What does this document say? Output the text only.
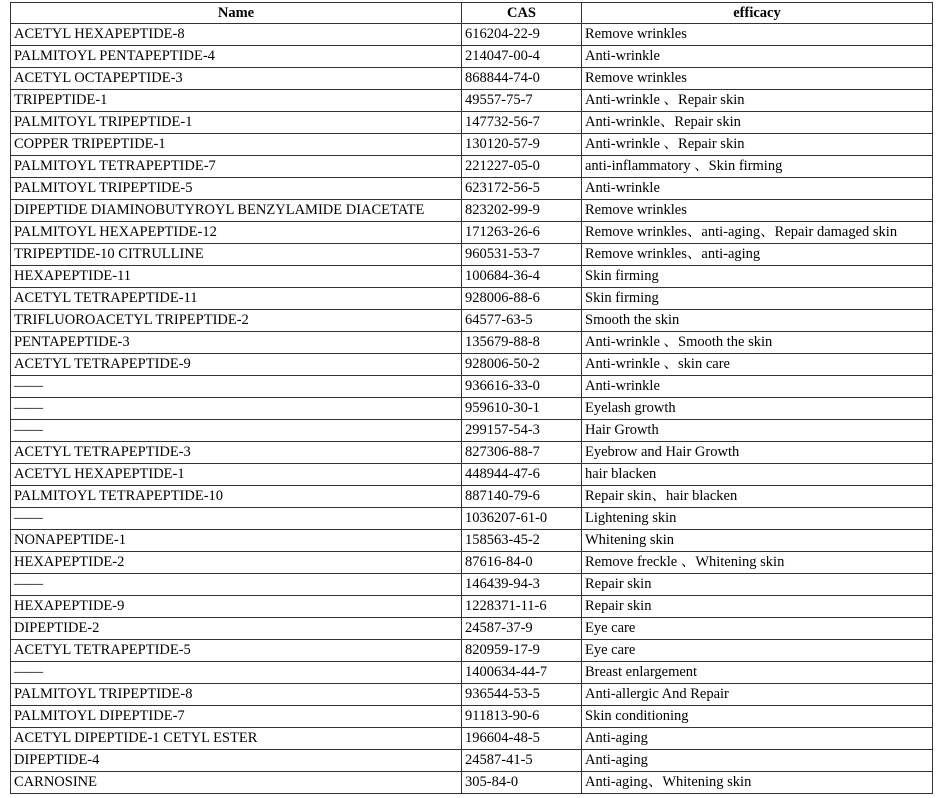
Name	CAS	efficacy
ACETYL HEXAPEPTIDE-8	616204-22-9	Remove wrinkles
PALMITOYL PENTAPEPTIDE-4	214047-00-4	Anti-wrinkle
ACETYL OCTAPEPTIDE-3	868844-74-0	Remove wrinkles
TRIPEPTIDE-1	49557-75-7	Anti-wrinkle 、Repair skin
PALMITOYL TRIPEPTIDE-1	147732-56-7	Anti-wrinkle、Repair skin
COPPER TRIPEPTIDE-1	130120-57-9	Anti-wrinkle 、Repair skin
PALMITOYL TETRAPEPTIDE-7	221227-05-0	anti-inflammatory 、Skin firming
PALMITOYL TRIPEPTIDE-5	623172-56-5	Anti-wrinkle
DIPEPTIDE DIAMINOBUTYROYL BENZYLAMIDE DIACETATE	823202-99-9	Remove wrinkles
PALMITOYL HEXAPEPTIDE-12	171263-26-6	Remove wrinkles、anti-aging、Repair damaged skin
TRIPEPTIDE-10 CITRULLINE	960531-53-7	Remove wrinkles、anti-aging
HEXAPEPTIDE-11	100684-36-4	Skin firming
ACETYL TETRAPEPTIDE-11	928006-88-6	Skin firming
TRIFLUOROACETYL TRIPEPTIDE-2	64577-63-5	Smooth the skin
PENTAPEPTIDE-3	135679-88-8	Anti-wrinkle 、Smooth the skin
ACETYL TETRAPEPTIDE-9	928006-50-2	Anti-wrinkle 、skin care
——	936616-33-0	Anti-wrinkle
——	959610-30-1	Eyelash growth
——	299157-54-3	Hair Growth
ACETYL TETRAPEPTIDE-3	827306-88-7	Eyebrow and Hair Growth
ACETYL HEXAPEPTIDE-1	448944-47-6	hair blacken
PALMITOYL TETRAPEPTIDE-10	887140-79-6	Repair skin、hair blacken
——	1036207-61-0	Lightening skin
NONAPEPTIDE-1	158563-45-2	Whitening skin
HEXAPEPTIDE-2	87616-84-0	Remove freckle 、Whitening skin
——	146439-94-3	Repair skin
HEXAPEPTIDE-9	1228371-11-6	Repair skin
DIPEPTIDE-2	24587-37-9	Eye care
ACETYL TETRAPEPTIDE-5	820959-17-9	Eye care
——	1400634-44-7	Breast enlargement
PALMITOYL TRIPEPTIDE-8	936544-53-5	Anti-allergic And Repair
PALMITOYL DIPEPTIDE-7	911813-90-6	Skin conditioning
ACETYL DIPEPTIDE-1 CETYL ESTER	196604-48-5	Anti-aging
DIPEPTIDE-4	24587-41-5	Anti-aging
CARNOSINE	305-84-0	Anti-aging、Whitening skin
